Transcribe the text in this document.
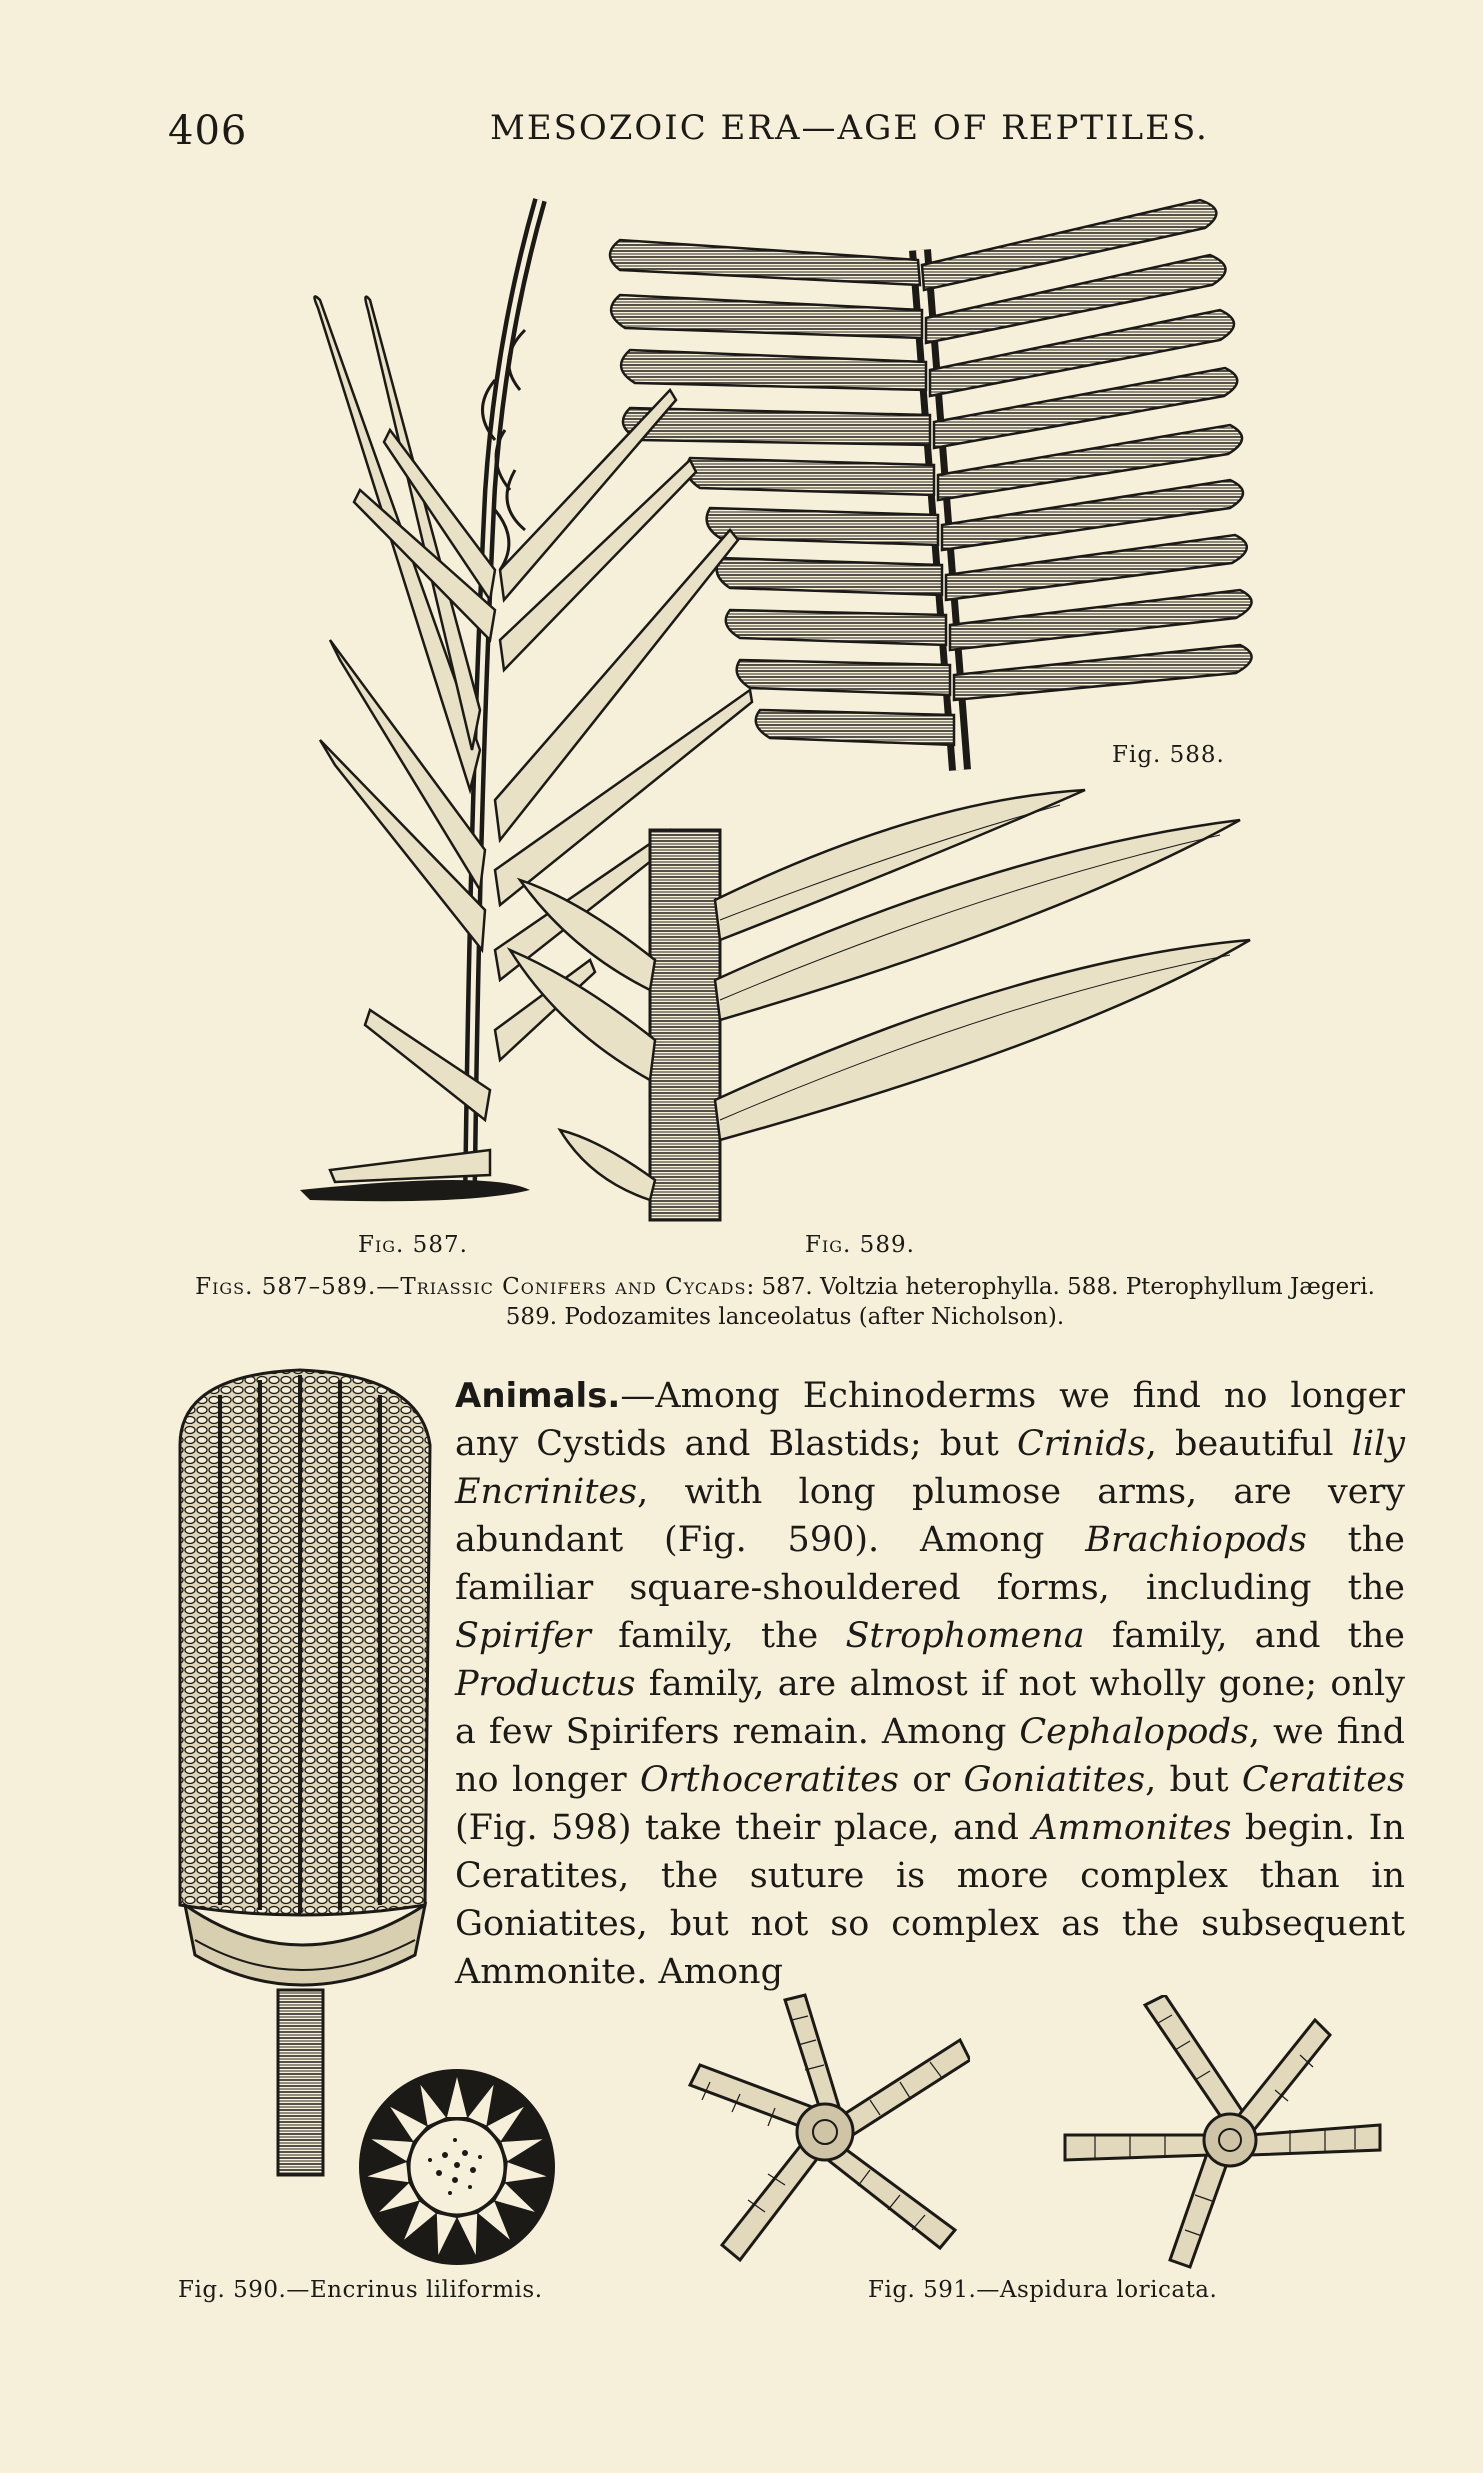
406	MESOZOIC ERA—AGE OF REPTILES.
Fig. 588.
Fig. 587.	Fig. 589.
Figs. 587–589.—Triassic Conifers and Cycads: 587. Voltzia heterophylla. 588. Pterophyllum Jægeri.
589. Podozamites lanceolatus (after Nicholson).
Animals.—Among Echinoderms we find no longer any Cystids and Blastids; but Crinids, beautiful lily Encrinites, with long plumose arms, are very abundant (Fig. 590). Among Brachiopods the familiar square-shouldered forms, including the Spirifer family, the Strophomena family, and the Productus family, are almost if not wholly gone; only a few Spirifers remain. Among Cephalopods, we find no longer Orthoceratites or Goniatites, but Ceratites (Fig. 598) take their place, and Ammonites begin. In Ceratites, the suture is more complex than in Goniatites, but not so complex as the subsequent Ammonite. Among
Fig. 590.—Encrinus liliformis.	Fig. 591.—Aspidura loricata.
